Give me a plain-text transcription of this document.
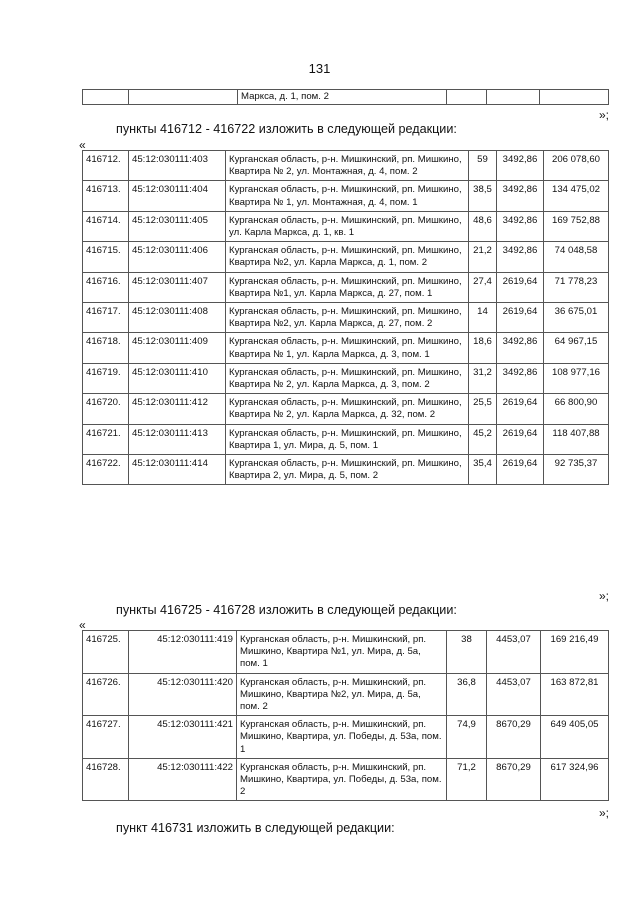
131
		Маркса, д. 1, пом. 2			
»;
пункты 416712 - 416722 изложить в следующей редакции:
«
416712.	45:12:030111:403	Курганская область, р-н. Мишкинский, рп. Мишкино, Квартира № 2, ул. Монтажная, д. 4, пом. 2	59	3492,86	206 078,60
416713.	45:12:030111:404	Курганская область, р-н. Мишкинский, рп. Мишкино, Квартира № 1, ул. Монтажная, д. 4, пом. 1	38,5	3492,86	134 475,02
416714.	45:12:030111:405	Курганская область, р-н. Мишкинский, рп. Мишкино, ул. Карла Маркса, д. 1, кв. 1	48,6	3492,86	169 752,88
416715.	45:12:030111:406	Курганская область, р-н. Мишкинский, рп. Мишкино, Квартира №2, ул. Карла Маркса, д. 1, пом. 2	21,2	3492,86	74 048,58
416716.	45:12:030111:407	Курганская область, р-н. Мишкинский, рп. Мишкино, Квартира №1, ул. Карла Маркса, д. 27, пом. 1	27,4	2619,64	71 778,23
416717.	45:12:030111:408	Курганская область, р-н. Мишкинский, рп. Мишкино, Квартира №2, ул. Карла Маркса, д. 27, пом. 2	14	2619,64	36 675,01
416718.	45:12:030111:409	Курганская область, р-н. Мишкинский, рп. Мишкино, Квартира № 1, ул. Карла Маркса, д. 3, пом. 1	18,6	3492,86	64 967,15
416719.	45:12:030111:410	Курганская область, р-н. Мишкинский, рп. Мишкино, Квартира № 2, ул. Карла Маркса, д. 3, пом. 2	31,2	3492,86	108 977,16
416720.	45:12:030111:412	Курганская область, р-н. Мишкинский, рп. Мишкино, Квартира № 2, ул. Карла Маркса, д. 32, пом. 2	25,5	2619,64	66 800,90
416721.	45:12:030111:413	Курганская область, р-н. Мишкинский, рп. Мишкино, Квартира 1, ул. Мира, д. 5, пом. 1	45,2	2619,64	118 407,88
416722.	45:12:030111:414	Курганская область, р-н. Мишкинский, рп. Мишкино, Квартира 2, ул. Мира, д. 5, пом. 2	35,4	2619,64	92 735,37
»;
пункты 416725 - 416728 изложить в следующей редакции:
«
416725.	45:12:030111:419	Курганская область, р-н. Мишкинский, рп. Мишкино, Квартира №1, ул. Мира, д. 5а, пом. 1	38	4453,07	169 216,49
416726.	45:12:030111:420	Курганская область, р-н. Мишкинский, рп. Мишкино, Квартира №2, ул. Мира, д. 5а, пом. 2	36,8	4453,07	163 872,81
416727.	45:12:030111:421	Курганская область, р-н. Мишкинский, рп. Мишкино, Квартира, ул. Победы, д. 53а, пом. 1	74,9	8670,29	649 405,05
416728.	45:12:030111:422	Курганская область, р-н. Мишкинский, рп. Мишкино, Квартира, ул. Победы, д. 53а, пом. 2	71,2	8670,29	617 324,96
»;
пункт 416731 изложить в следующей редакции:
